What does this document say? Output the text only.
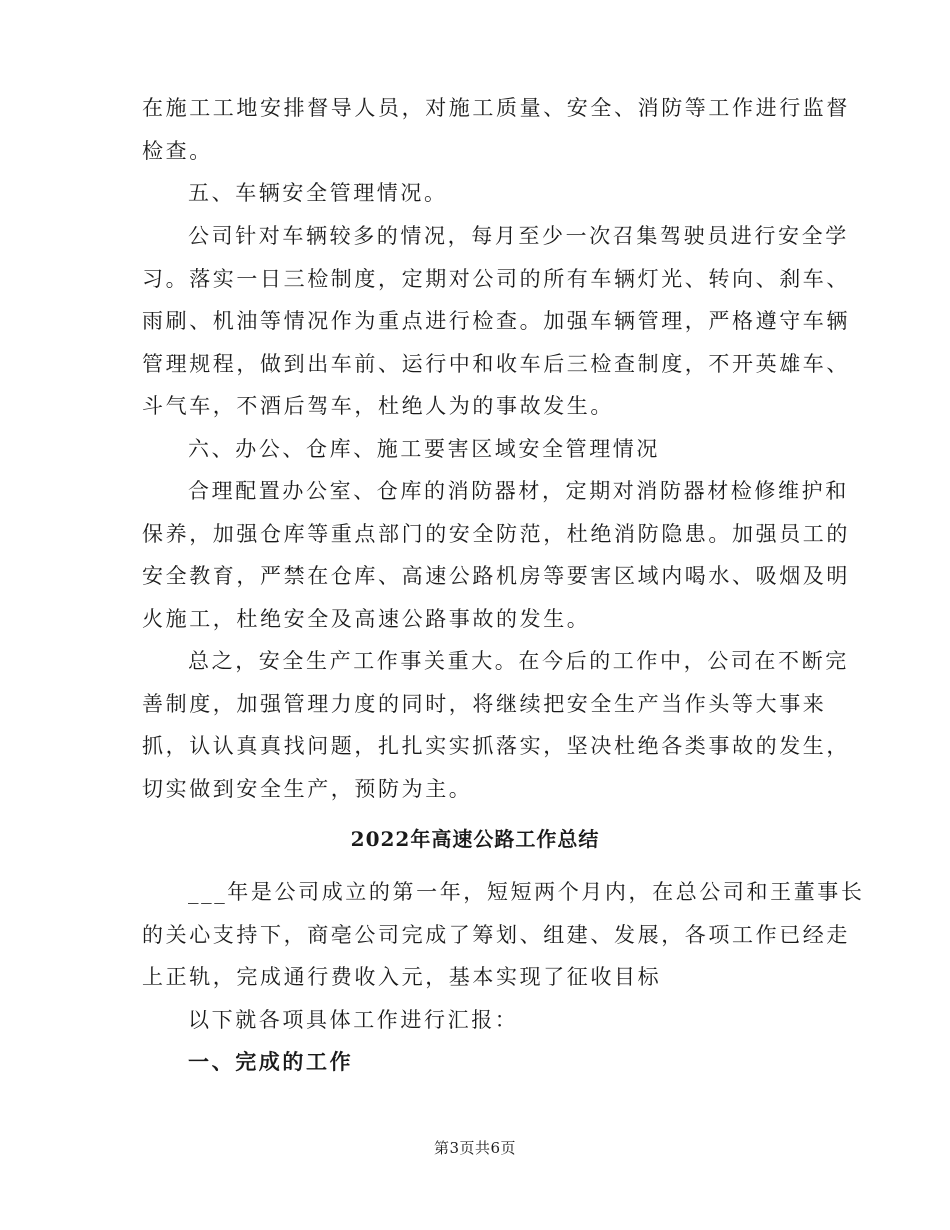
在施工工地安排督导人员，对施工质量、安全、消防等工作进行监督
检查。
五、车辆安全管理情况。
公司针对车辆较多的情况，每月至少一次召集驾驶员进行安全学
习。落实一日三检制度，定期对公司的所有车辆灯光、转向、刹车、
雨刷、机油等情况作为重点进行检查。加强车辆管理，严格遵守车辆
管理规程，做到出车前、运行中和收车后三检查制度，不开英雄车、
斗气车，不酒后驾车，杜绝人为的事故发生。
六、办公、仓库、施工要害区域安全管理情况
合理配置办公室、仓库的消防器材，定期对消防器材检修维护和
保养，加强仓库等重点部门的安全防范，杜绝消防隐患。加强员工的
安全教育，严禁在仓库、高速公路机房等要害区域内喝水、吸烟及明
火施工，杜绝安全及高速公路事故的发生。
总之，安全生产工作事关重大。在今后的工作中，公司在不断完
善制度，加强管理力度的同时，将继续把安全生产当作头等大事来
抓，认认真真找问题，扎扎实实抓落实，坚决杜绝各类事故的发生，
切实做到安全生产，预防为主。
2022年高速公路工作总结
___年是公司成立的第一年，短短两个月内，在总公司和王董事长
的关心支持下，商亳公司完成了筹划、组建、发展，各项工作已经走
上正轨，完成通行费收入元，基本实现了征收目标
以下就各项具体工作进行汇报：
一、完成的工作
第3页共6页
